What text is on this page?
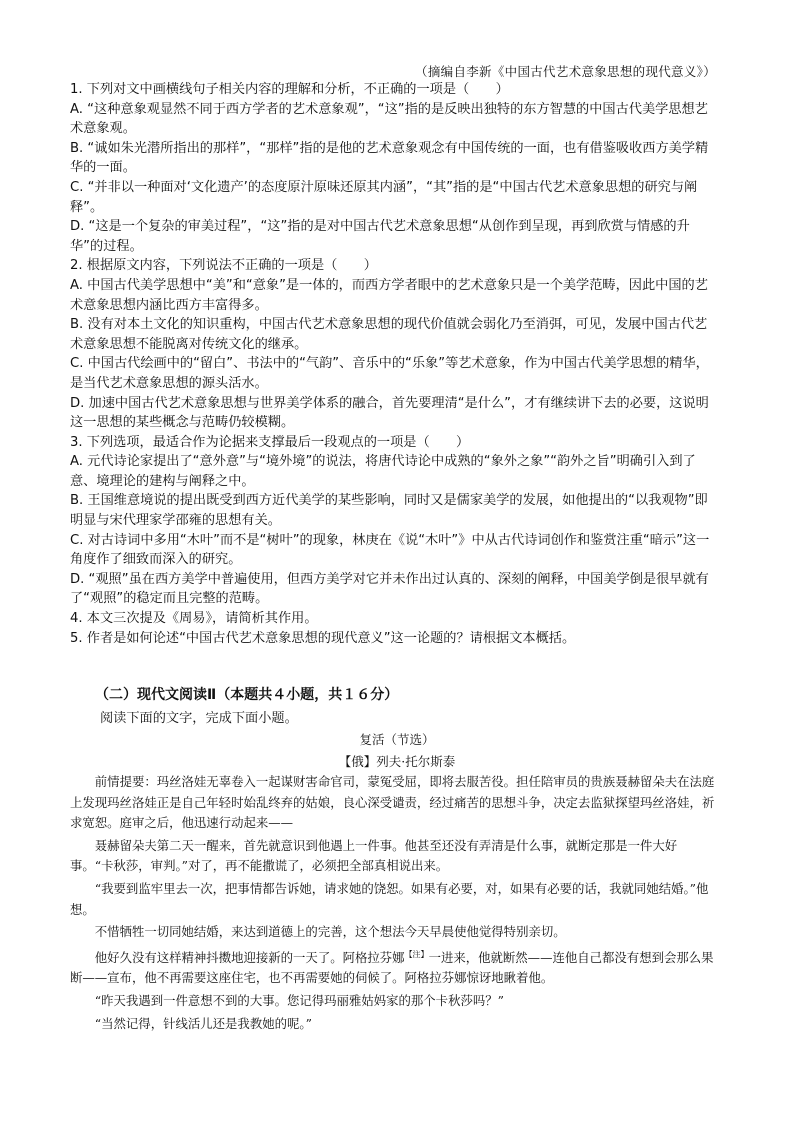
（摘编自李新《中国古代艺术意象思想的现代意义》）

1. 下列对文中画横线句子相关内容的理解和分析，不正确的一项是（　　）

A. “这种意象观显然不同于西方学者的艺术意象观”，“这”指的是反映出独特的东方智慧的中国古代美学思想艺术意象观。

B. “诚如朱光潜所指出的那样”，“那样”指的是他的艺术意象观念有中国传统的一面，也有借鉴吸收西方美学精华的一面。

C. “并非以一种面对‘文化遗产’的态度原汁原味还原其内涵”，“其”指的是“中国古代艺术意象思想的研究与阐释”。

D. “这是一个复杂的审美过程”，“这”指的是对中国古代艺术意象思想“从创作到呈现，再到欣赏与情感的升华”的过程。

2. 根据原文内容，下列说法不正确的一项是（　　）

A. 中国古代美学思想中“美”和“意象”是一体的，而西方学者眼中的艺术意象只是一个美学范畴，因此中国的艺术意象思想内涵比西方丰富得多。

B. 没有对本土文化的知识重构，中国古代艺术意象思想的现代价值就会弱化乃至消弭，可见，发展中国古代艺术意象思想不能脱离对传统文化的继承。

C. 中国古代绘画中的“留白”、书法中的“气韵”、音乐中的“乐象”等艺术意象，作为中国古代美学思想的精华，是当代艺术意象思想的源头活水。

D. 加速中国古代艺术意象思想与世界美学体系的融合，首先要理清“是什么”，才有继续讲下去的必要，这说明这一思想的某些概念与范畴仍较模糊。

3. 下列选项，最适合作为论据来支撑最后一段观点的一项是（　　）

A. 元代诗论家提出了“意外意”与“境外境”的说法，将唐代诗论中成熟的“象外之象”“韵外之旨”明确引入到了意、境理论的建构与阐释之中。

B. 王国维意境说的提出既受到西方近代美学的某些影响，同时又是儒家美学的发展，如他提出的“以我观物”即明显与宋代理家学邵雍的思想有关。

C. 对古诗词中多用“木叶”而不是“树叶”的现象，林庚在《说“木叶”》中从古代诗词创作和鉴赏注重“暗示”这一角度作了细致而深入的研究。

D. “观照”虽在西方美学中普遍使用，但西方美学对它并未作出过认真的、深刻的阐释，中国美学倒是很早就有了“观照”的稳定而且完整的范畴。

4. 本文三次提及《周易》，请简析其作用。

5. 作者是如何论述“中国古代艺术意象思想的现代意义”这一论题的？请根据文本概括。

（二）现代文阅读Ⅱ（本题共４小题，共１６分）
阅读下面的文字，完成下面小题。
复活（节选）
【俄】列夫·托尔斯泰

前情提要：玛丝洛娃无辜卷入一起谋财害命官司，蒙冤受屈，即将去服苦役。担任陪审员的贵族聂赫留朵夫在法庭上发现玛丝洛娃正是自己年轻时始乱终弃的姑娘，良心深受谴责，经过痛苦的思想斗争，决定去监狱探望玛丝洛娃，祈求宽恕。庭审之后，他迅速行动起来——

聂赫留朵夫第二天一醒来，首先就意识到他遇上一件事。他甚至还没有弄清是什么事，就断定那是一件大好事。“卡秋莎，审判。”对了，再不能撒谎了，必须把全部真相说出来。

“我要到监牢里去一次，把事情都告诉她，请求她的饶恕。如果有必要，对，如果有必要的话，我就同她结婚。”他想。

不惜牺牲一切同她结婚，来达到道德上的完善，这个想法今天早晨使他觉得特别亲切。

他好久没有这样精神抖擞地迎接新的一天了。阿格拉芬娜$^{【注】}$一进来，他就断然——连他自己都没有想到会那么果断——宣布，他不再需要这座住宅，也不再需要她的伺候了。阿格拉芬娜惊讶地瞅着他。

“昨天我遇到一件意想不到的大事。您记得玛丽雅姑妈家的那个卡秋莎吗？”

“当然记得，针线活儿还是我教她的呢。”
